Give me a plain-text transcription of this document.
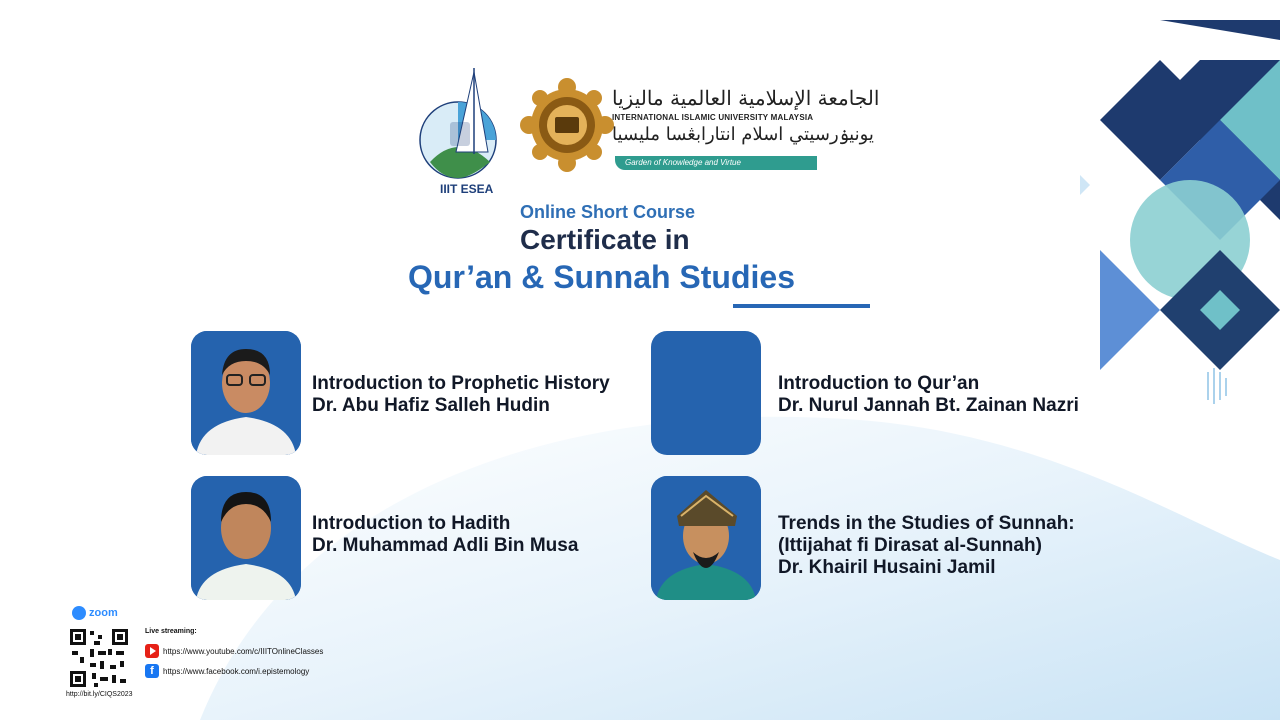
IIIT ESEA
الجامعة الإسلامية العالمية ماليزيا
INTERNATIONAL ISLAMIC UNIVERSITY MALAYSIA
يونيۏرسيتي اسلام انتارابڠسا مليسيا
Garden of Knowledge and Virtue
Online Short Course
Certificate in
Qur’an & Sunnah Studies
Introduction to Prophetic History
Dr. Abu Hafiz Salleh Hudin
Introduction to Qur’an
Dr. Nurul Jannah Bt. Zainan Nazri
Introduction to Hadith
Dr. Muhammad Adli Bin Musa
Trends in the Studies of Sunnah:
(Ittijahat fi Dirasat al-Sunnah)
Dr. Khairil Husaini Jamil
zoom
http://bit.ly/CIQS2023
Live streaming:
https://www.youtube.com/c/IIITOnlineClasses
f	https://www.facebook.com/i.epistemology
